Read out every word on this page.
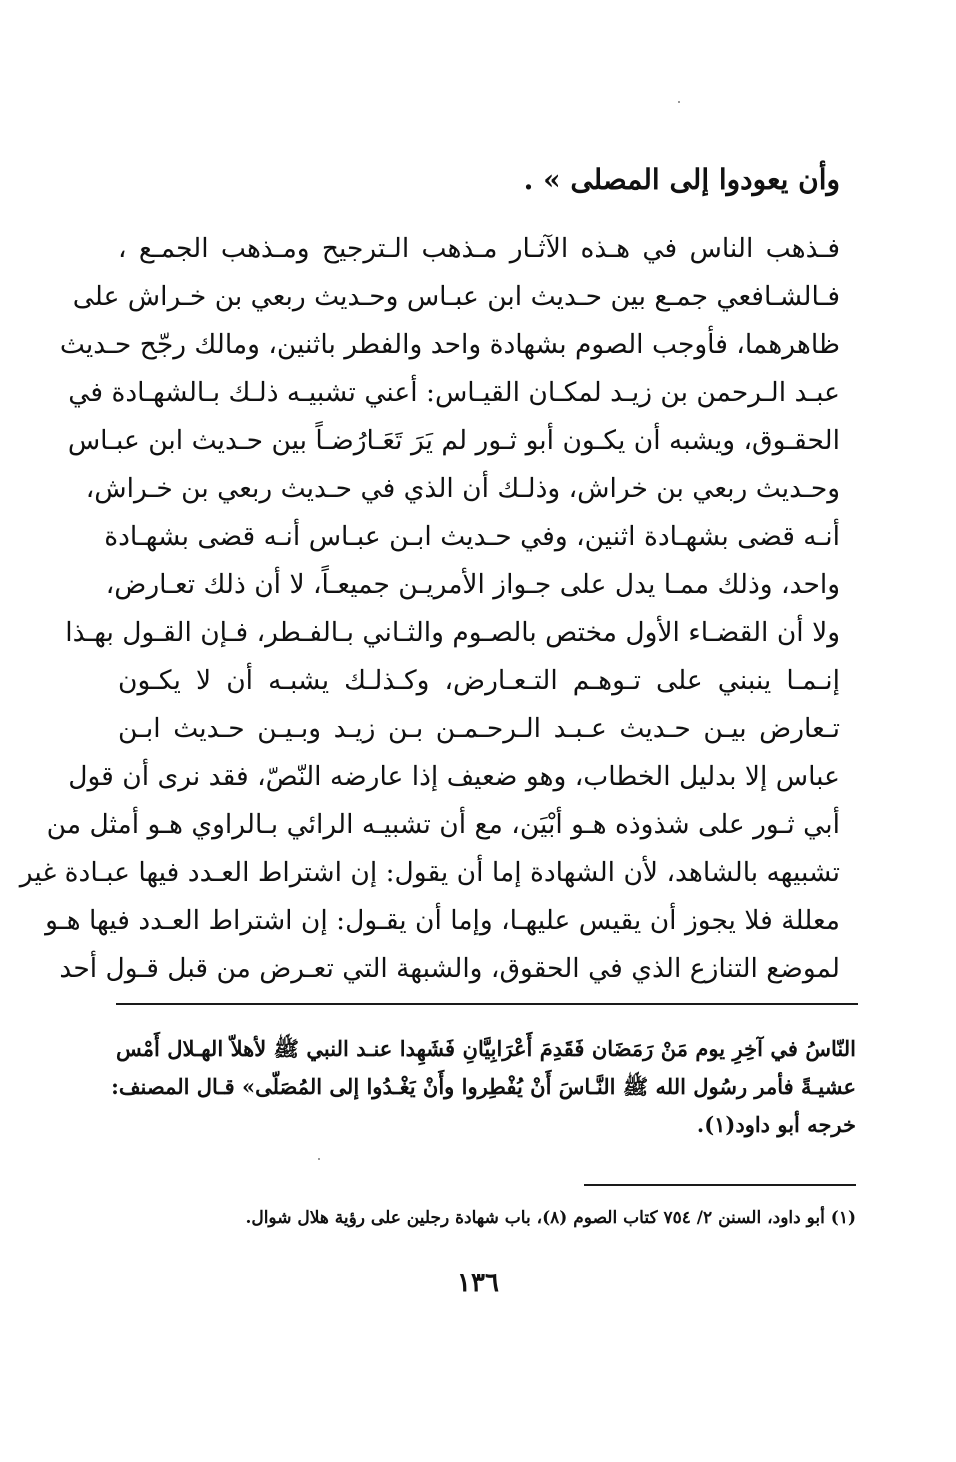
وأن يعودوا إلى المصلى » .
فـذهب الناس في هـذه الآثـار مـذهب الـترجيح ومـذهب الجمـع ،
فـالشـافعي جمـع بين حـديث ابن عبـاس وحـديث ربعي بن خـراش على
ظاهرهما، فأوجب الصوم بشهادة واحد والفطر باثنين، ومالك رجّح حـديث
عبـد الـرحمن بن زيـد لمكـان القيـاس: أعني تشبيـه ذلـك بـالشهـادة في
الحقـوق، ويشبه أن يكـون أبو ثـور لم يَرَ تَعَـارُضـاً بين حـديث ابن عبـاس
وحـديث ربعي بن خراش، وذلـك أن الذي في حـديث ربعي بن خـراش،
أنـه قضى بشهـادة اثنين، وفي حـديث ابـن عبـاس أنـه قضى بشهـادة
واحد، وذلك ممـا يدل على جـواز الأمريـن جميعـاً، لا أن ذلك تعـارض،
ولا أن القضـاء الأول مختص بالصـوم والثـاني بـالفـطر، فـإن القـول بهـذا
إنـمـا ينبني على تـوهـم التـعـارض، وكـذلـك يشبـه أن لا يكـون
تـعارض بيـن حـديث عـبـد الـرحـمـن بـن زيـد وبـيـن حـديث ابـن
عباس إلا بدليل الخطاب، وهو ضعيف إذا عارضه النّصّ، فقد نرى أن قول
أبي ثـور على شذوذه هـو أبْيَن، مع أن تشبيـه الرائي بـالراوي هـو أمثل من
تشبيهه بالشاهد، لأن الشهادة إما أن يقول: إن اشتراط العـدد فيها عبـادة غير
معللة فلا يجوز أن يقيس عليهـا، وإما أن يقـول: إن اشتراط العـدد فيها هـو
لموضع التنازع الذي في الحقوق، والشبهة التي تعـرض من قبل قـول أحد
النّاسُ في آخِرِ يوم مَنْ رَمَضَان فَقَدِمَ أَعْرَابِيَّانِ فَشَهِدا عنـد النبي ﷺ لأهلاّ الهـلال أَمْس
عشيـةً فأمر رسُول الله ﷺ النَّـاسَ أَنْ يُفْطِروا وأَنْ يَغْـدُوا إلى المُصَلّى» قـال المصنف:
خرجه أبو داود(١).
(١) أبو داود، السنن ٢/ ٧٥٤ كتاب الصوم (٨)، باب شهادة رجلين على رؤية هلال شوال.
١٣٦
